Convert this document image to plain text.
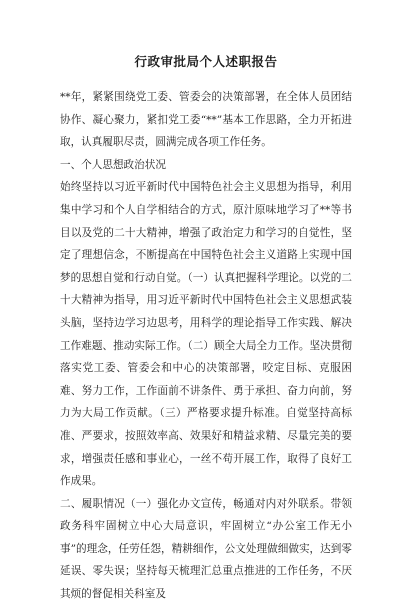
行政审批局个人述职报告

**年，紧紧围绕党工委、管委会的决策部署，在全体人员团结协作、凝心聚力，紧扣党工委“**”基本工作思路，全力开拓进取，认真履职尽责，圆满完成各项工作任务。

一、个人思想政治状况

始终坚持以习近平新时代中国特色社会主义思想为指导，利用集中学习和个人自学相结合的方式，原汁原味地学习了**等书目以及党的二十大精神，增强了政治定力和学习的自觉性，坚定了理想信念，不断提高在中国特色社会主义道路上实现中国梦的思想自觉和行动自觉。（一）认真把握科学理论。以党的二十大精神为指导，用习近平新时代中国特色社会主义思想武装头脑，坚持边学习边思考，用科学的理论指导工作实践、解决工作难题、推动实际工作。（二）顾全大局全力工作。坚决贯彻落实党工委、管委会和中心的决策部署，咬定目标、克服困难、努力工作，工作面前不讲条件、勇于承担、奋力向前，努力为大局工作贡献。（三）严格要求提升标准。自觉坚持高标准、严要求，按照效率高、效果好和精益求精、尽量完美的要求，增强责任感和事业心，一丝不苟开展工作，取得了良好工作成果。

二、履职情况（一）强化办文宣传，畅通对内对外联系。带领政务科牢固树立中心大局意识，牢固树立“办公室工作无小事”的理念，任劳任怨，精耕细作，公文处理做细做实，达到零延误、零失误；坚持每天梳理汇总重点推进的工作任务，不厌其烦的督促相关科室及
